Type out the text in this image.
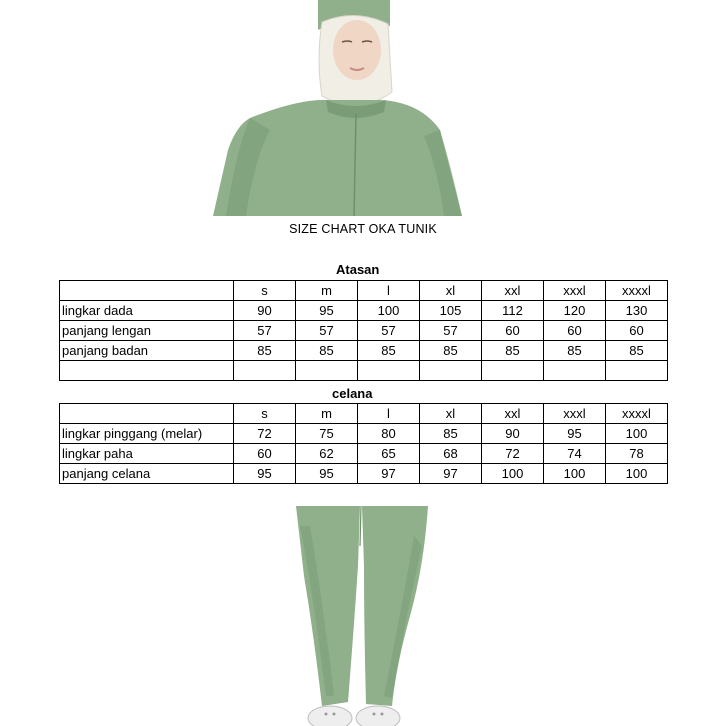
SIZE CHART OKA TUNIK
Atasan
	s	m	l	xl	xxl	xxxl	xxxxl
lingkar dada	90	95	100	105	112	120	130
panjang lengan	57	57	57	57	60	60	60
panjang badan	85	85	85	85	85	85	85

celana
	s	m	l	xl	xxl	xxxl	xxxxl
lingkar pinggang (melar)	72	75	80	85	90	95	100
lingkar paha	60	62	65	68	72	74	78
panjang celana	95	95	97	97	100	100	100
